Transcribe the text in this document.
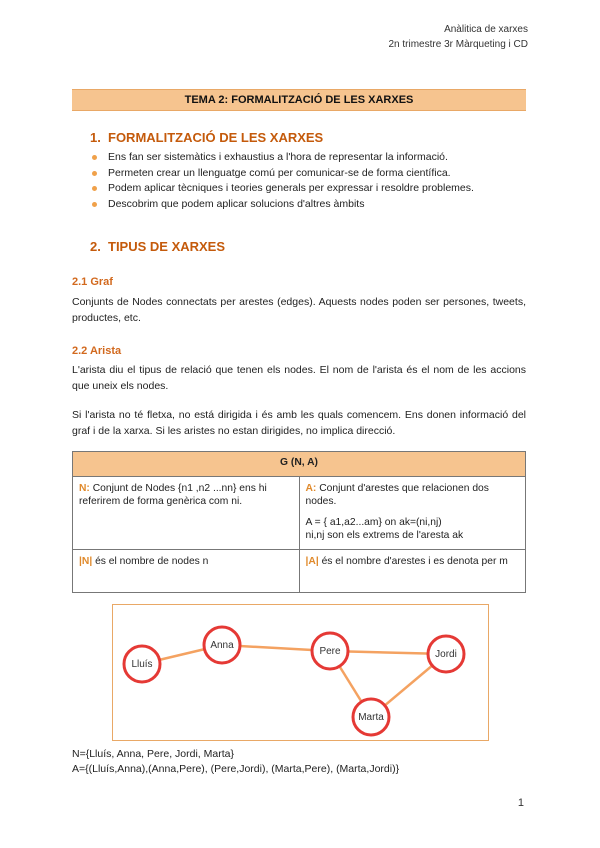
Anàlitica de xarxes
2n trimestre 3r Màrqueting i CD
TEMA 2: FORMALITZACIÓ DE LES XARXES
1. FORMALITZACIÓ DE LES XARXES
Ens fan ser sistemàtics i exhaustius a l'hora de representar la informació.
Permeten crear un llenguatge comú per comunicar-se de forma científica.
Podem aplicar tècniques i teories generals per expressar i resoldre problemes.
Descobrim que podem aplicar solucions d'altres àmbits
2. TIPUS DE XARXES
2.1 Graf
Conjunts de Nodes connectats per arestes (edges). Aquests nodes poden ser persones, tweets, productes, etc.
2.2 Arista
L'arista diu el tipus de relació que tenen els nodes. El nom de l'arista és el nom de les accions que uneix els nodes.
Si l'arista no té fletxa, no está dirigida i és amb les quals comencem. Ens donen informació del graf i de la xarxa. Si les aristes no estan dirigides, no implica direcció.
G (N, A)	
N: Conjunt de Nodes {n1 ,n2 ...nn} ens hi referirem de forma genèrica com ni.	A: Conjunt d'arestes que relacionen dos nodes.
A = { a1,a2...am} on ak=(ni,nj)
ni,nj son els extrems de l'aresta ak

|N| és el nombre de nodes n	|A| és el nombre d'arestes i es denota per m
Lluís
Anna
Pere	Jordi
Marta
N={Lluís, Anna, Pere, Jordi, Marta}
A={(Lluís,Anna),(Anna,Pere), (Pere,Jordi), (Marta,Pere), (Marta,Jordi)}
1
